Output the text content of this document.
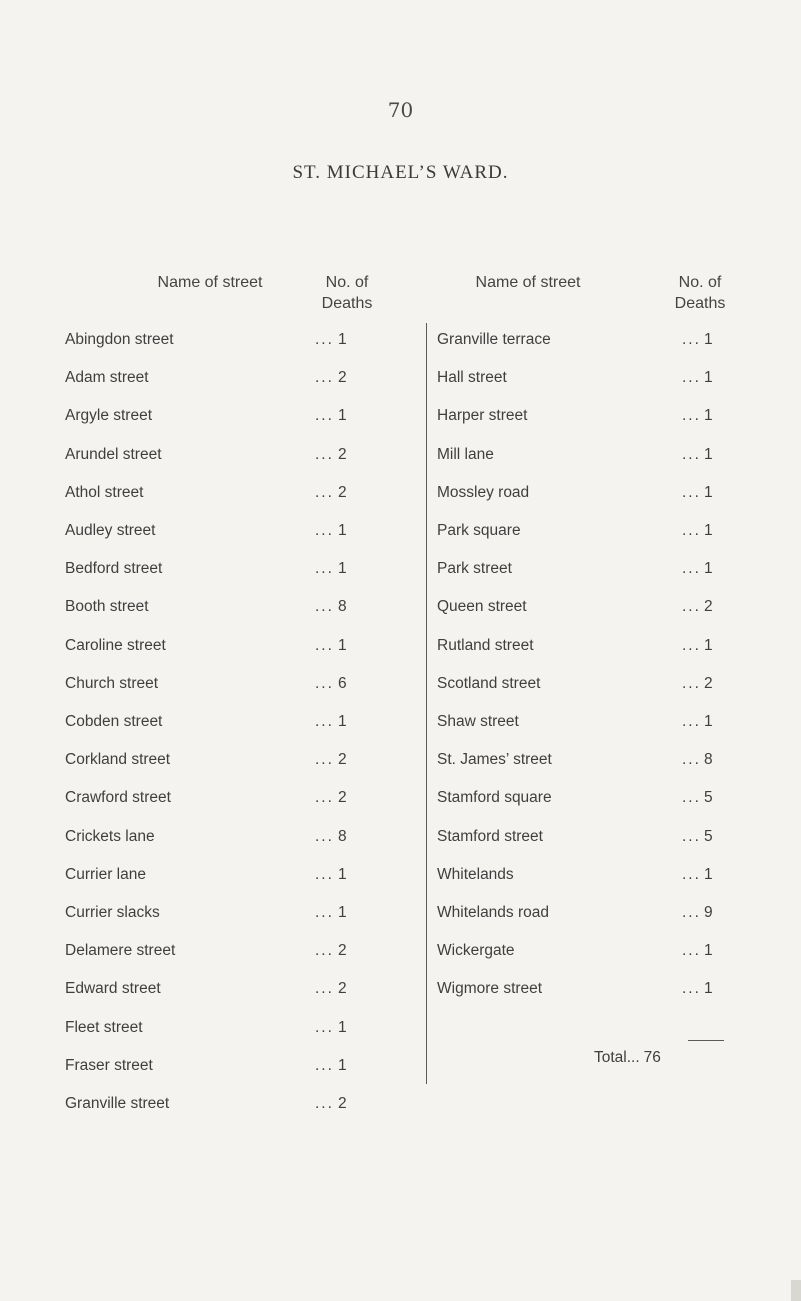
70
ST. MICHAEL’S WARD.
Name of street	No. of
Deaths
Name of street	No. of
Deaths
Abingdon street	... 1
Adam street	... 2
Argyle street	... 1
Arundel street	... 2
Athol street	... 2
Audley street	... 1
Bedford street	... 1
Booth street	... 8
Caroline street	... 1
Church street	... 6
Cobden street	... 1
Corkland street	... 2
Crawford street	... 2
Crickets lane	... 8
Currier lane	... 1
Currier slacks	... 1
Delamere street	... 2
Edward street	... 2
Fleet street	... 1
Fraser street	... 1
Granville street	... 2
Granville terrace	... 1
Hall street	... 1
Harper street	... 1
Mill lane	... 1
Mossley road	... 1
Park square	... 1
Park street	... 1
Queen street	... 2
Rutland street	... 1
Scotland street	... 2
Shaw street	... 1
St. James’ street	... 8
Stamford square	... 5
Stamford street	... 5
Whitelands	... 1
Whitelands road	... 9
Wickergate	... 1
Wigmore street	... 1
Total... 76
